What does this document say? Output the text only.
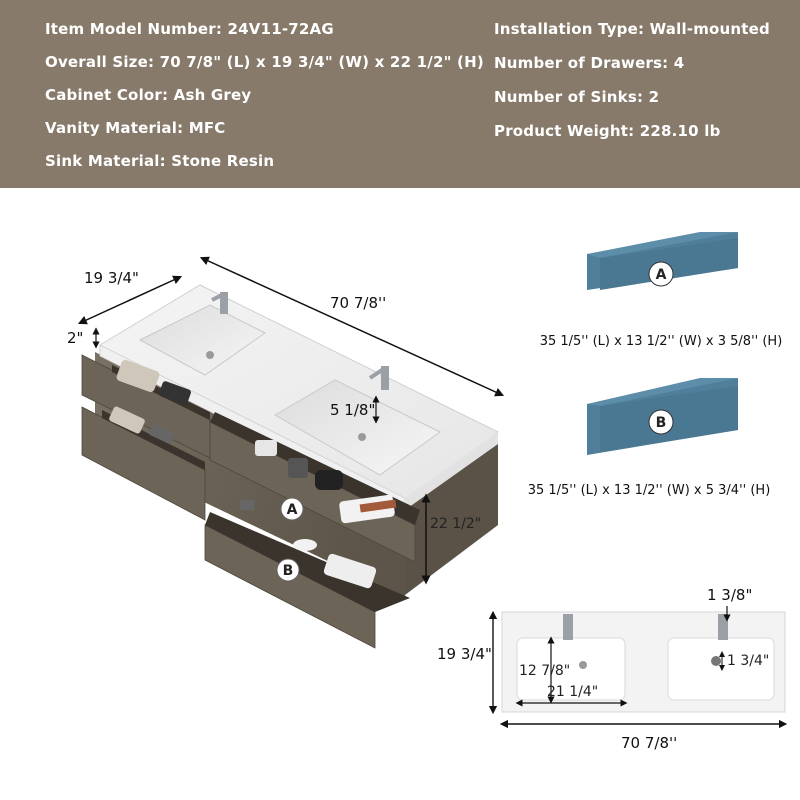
Item Model Number: 24V11-72AG
Overall Size: 70 7/8" (L) x 19 3/4" (W) x 22 1/2" (H)
Cabinet Color: Ash Grey
Vanity Material: MFC
Sink Material: Stone Resin
Installation Type: Wall-mounted
Number of Drawers: 4
Number of Sinks: 2
Product Weight: 228.10 lb
A
B
19 3/4"
70 7/8''
2"
5 1/8"
22 1/2"
A
35 1/5'' (L) x 13 1/2'' (W) x 3 5/8'' (H)
B
35 1/5'' (L) x 13 1/2'' (W) x 5 3/4'' (H)
19 3/4"
12 7/8"
21 1/4"
1 3/8"
1 3/4"
70 7/8''
